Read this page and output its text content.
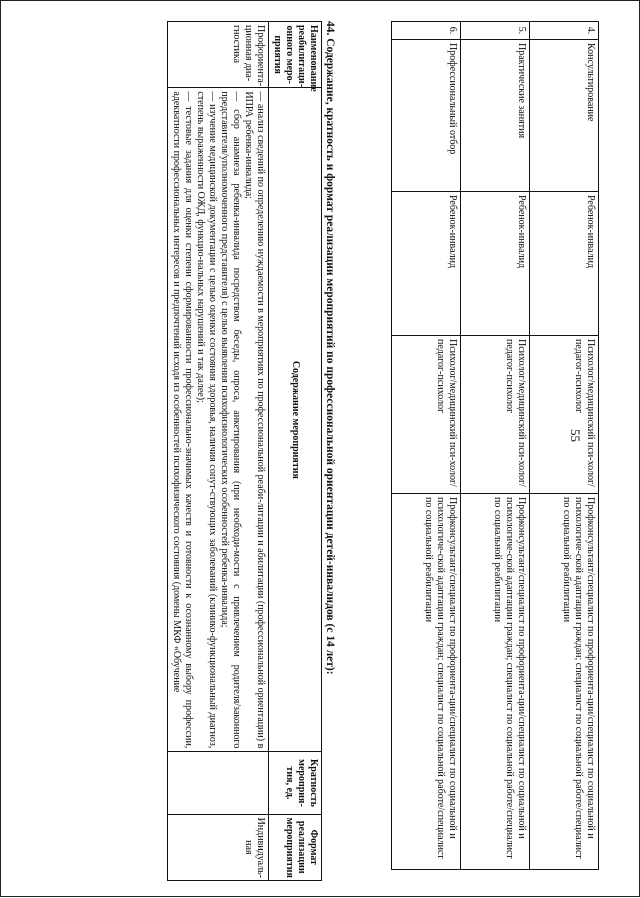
55
4.	Консультирование	Ребенок-инвалид	Психолог/медицинский пси-холог/педагог-психолог	Профконсультант/специалист по профориента-ции/специалист по социальной и психологиче-ской адаптации граждан; специалист по социальной работе/специалист по социальной реабилитации
5.	Практические занятия	Ребенок-инвалид	Психолог/медицинский пси-холог/педагог-психолог	Профконсультант/специалист по профориента-ции/специалист по социальной и психологиче-ской адаптации граждан; специалист по социальной работе/специалист по социальной реабилитации
6.	Профессиональный отбор	Ребенок-инвалид	Психолог/медицинский пси-холог/педагог-психолог	Профконсультант/специалист по профориента-ции/специалист по социальной и психологиче-ской адаптации граждан; специалист по социальной работе/специалист по социальной реабилитации
44. Содержание, кратность и формат реализации мероприятий по профессиональной ориентации детей-инвалидов (с 14 лет):
Наименование реабилитаци-онного меро-приятия	Содержание мероприятия	Кратность мероприя-тия, ед.	Формат реализации мероприятия
Профориента-ционная диа-гностика	— анализ сведений по определению нуждаемости в мероприятиях по профессиональной реаби-литации и абилитации (профессиональной ориентации) в ИПРА ребенка-инвалида;

— сбор анамнеза ребенка-инвалида посредством беседы, опроса, анкетирования (при необходи-мости с привлечением родителя/законного представителя/уполномоченного представителя) с целью выявления психофизиологических особенностей ребенка-инвалида;

— изучение медицинской документации с целью оценки состояния здоровья, наличия сопут-ствующих заболеваний (клинико-функциональный диагноз, степень выраженности ОЖД, функцио-нальных нарушений и так далее);

— тестовые задания для оценки степени сформированности профессионально-значимых качеств и готовности к осознанному выбору профессии, адекватности профессиональных интересов и предпочтений исходя из особенностей психофизического состояния (домены МКФ «Обучение		Индивидуаль-ная
